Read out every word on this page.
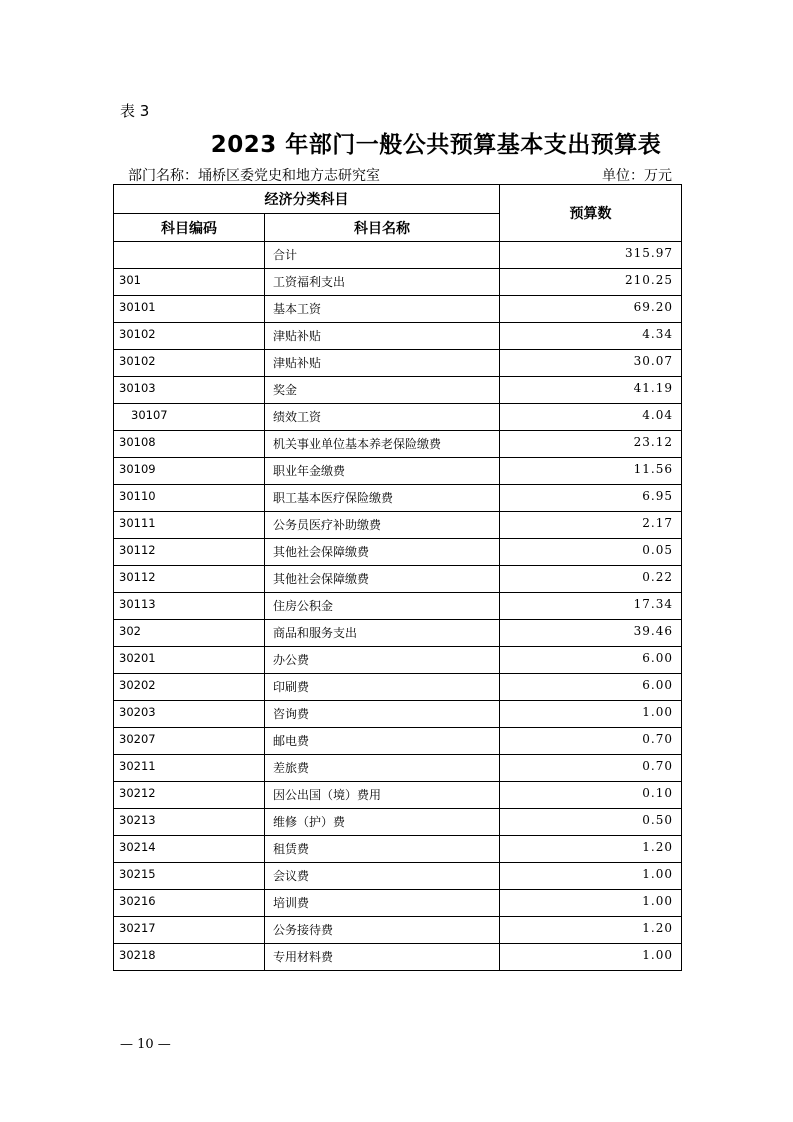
表 3
2023 年部门一般公共预算基本支出预算表
部门名称：埇桥区委党史和地方志研究室	单位：万元
经济分类科目		预算数
科目编码	科目名称	
	合计	315.97
301	工资福利支出	210.25
30101	基本工资	69.20
30102	津贴补贴	4.34
30102	津贴补贴	30.07
30103	奖金	41.19
30107	绩效工资	4.04
30108	机关事业单位基本养老保险缴费	23.12
30109	职业年金缴费	11.56
30110	职工基本医疗保险缴费	6.95
30111	公务员医疗补助缴费	2.17
30112	其他社会保障缴费	0.05
30112	其他社会保障缴费	0.22
30113	住房公积金	17.34
302	商品和服务支出	39.46
30201	办公费	6.00
30202	印刷费	6.00
30203	咨询费	1.00
30207	邮电费	0.70
30211	差旅费	0.70
30212	因公出国（境）费用	0.10
30213	维修（护）费	0.50
30214	租赁费	1.20
30215	会议费	1.00
30216	培训费	1.00
30217	公务接待费	1.20
30218	专用材料费	1.00
— 10 —
